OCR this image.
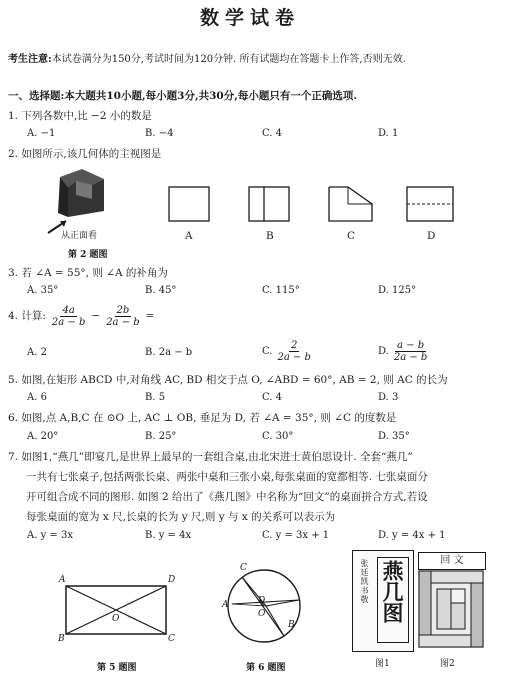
数学试卷
考生注意:本试卷满分为150分,考试时间为120分钟. 所有试题均在答题卡上作答,否则无效.
一、选择题:本大题共10小题,每小题3分,共30分,每小题只有一个正确选项.
1. 下列各数中,比 −2 小的数是
A. −1	B. −4	C. 4	D. 1
2. 如图所示,该几何体的主视图是
从正面看
第 2 题图
A	B	C	D
3. 若 ∠A = 55°, 则 ∠A 的补角为
A. 35°	B. 45°	C. 115°	D. 125°
4. 计算: $\frac{4a}{2a - b} - \frac{2b}{2a - b}$ =
A. 2	B. 2a − b	C. $\frac{2}{2a - b}$	D. $\frac{a - b}{2a - b}$
5. 如图,在矩形 ABCD 中,对角线 AC, BD 相交于点 O, ∠ABD = 60°, AB = 2, 则 AC 的长为
A. 6	B. 5	C. 4	D. 3
6. 如图,点 A,B,C 在 ⊙O 上, AC ⊥ OB, 垂足为 D, 若 ∠A = 35°, 则 ∠C 的度数是
A. 20°	B. 25°	C. 30°	D. 35°
7. 如图1,“燕几”即宴几,是世界上最早的一套组合桌,由北宋进士黄伯思设计. 全套“燕几”
一共有七张桌子,包括两张长桌、两张中桌和三张小桌,每张桌面的宽都相等. 七张桌面分
开可组合成不同的图形. 如图 2 给出了《燕几图》中名称为“回文”的桌面拼合方式,若设
每张桌面的宽为 x 尺,长桌的长为 y 尺,则 y 与 x 的关系可以表示为
A. y = 3x	B. y = 4x	C. y = 3x + 1	D. y = 4x + 1
A	D
O
B	C
第 5 题图
C
A	D
O
B
第 6 题图
张廷凯书敬 燕几图
图1
回 文
图2
